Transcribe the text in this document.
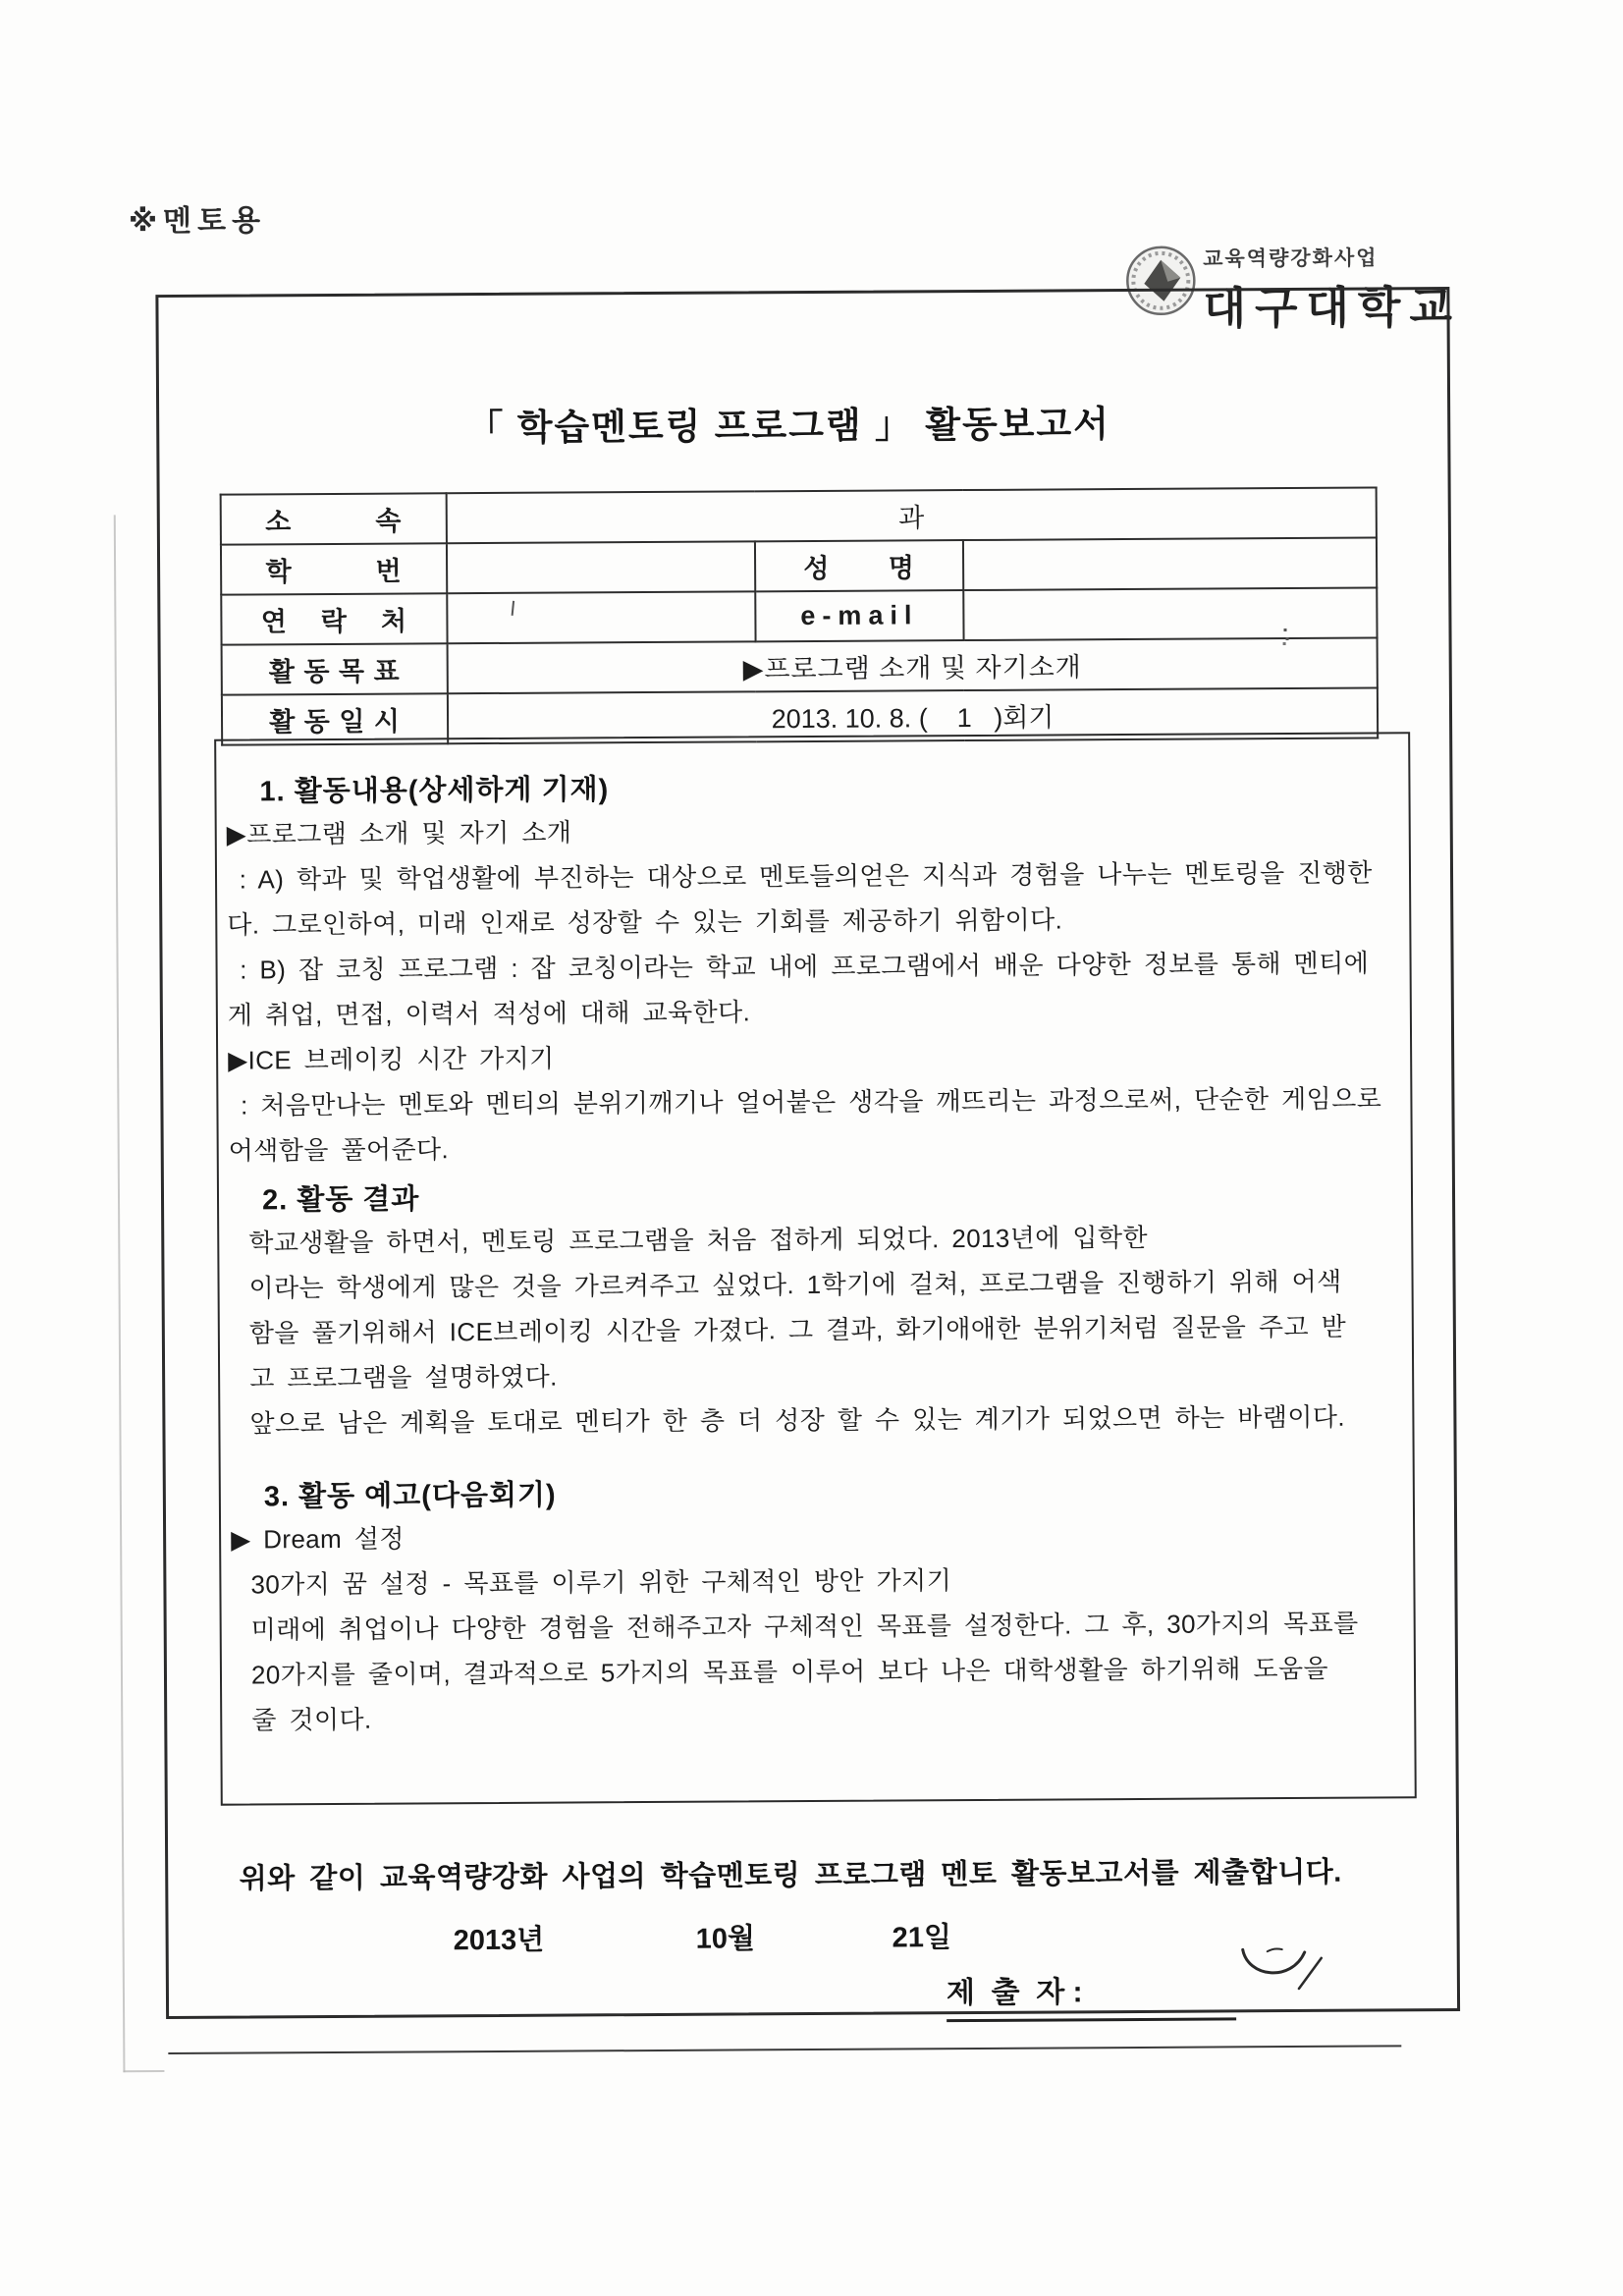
※멘토용
교육역량강화사업
대구대학교
「 학습멘토링 프로그램 」 활동보고서
소          속	과		
학          번		성       명	
연    락    처		e-mail	
활 동 목 표	▶프로그램 소개 및 자기소개		
활 동 일 시	2013. 10. 8. (    1   )회기		
1. 활동내용(상세하게 기재)
▶프로그램 소개 및 자기 소개
: A) 학과 및 학업생활에 부진하는 대상으로 멘토들의얻은 지식과 경험을 나누는 멘토링을 진행한
다. 그로인하여, 미래 인재로 성장할 수 있는 기회를 제공하기 위함이다.
: B) 잡 코칭 프로그램 : 잡 코칭이라는 학교 내에 프로그램에서 배운 다양한 정보를 통해 멘티에
게 취업, 면접, 이력서 적성에 대해 교육한다.
▶ICE 브레이킹 시간 가지기
: 처음만나는 멘토와 멘티의 분위기깨기나 얼어붙은 생각을 깨뜨리는 과정으로써, 단순한 게임으로
어색함을 풀어준다.
2. 활동 결과
학교생활을 하면서, 멘토링 프로그램을 처음 접하게 되었다. 2013년에 입학한
이라는 학생에게 많은 것을 가르켜주고 싶었다. 1학기에 걸쳐, 프로그램을 진행하기 위해 어색
함을 풀기위해서 ICE브레이킹 시간을 가졌다. 그 결과, 화기애애한 분위기처럼 질문을 주고 받
고 프로그램을 설명하였다.
앞으로 남은 계획을 토대로 멘티가 한 층 더 성장 할 수 있는 계기가 되었으면 하는 바램이다.
3. 활동 예고(다음회기)
▶ Dream 설정
30가지 꿈 설정 - 목표를 이루기 위한 구체적인 방안 가지기
미래에 취업이나 다양한 경험을 전해주고자 구체적인 목표를 설정한다. 그 후, 30가지의 목표를
20가지를 줄이며, 결과적으로 5가지의 목표를 이루어 보다 나은 대학생활을 하기위해 도움을
줄 것이다.
위와 같이 교육역량강화 사업의 학습멘토링 프로그램 멘토 활동보고서를 제출합니다.
2013년	10월	21일
제  출  자 :
